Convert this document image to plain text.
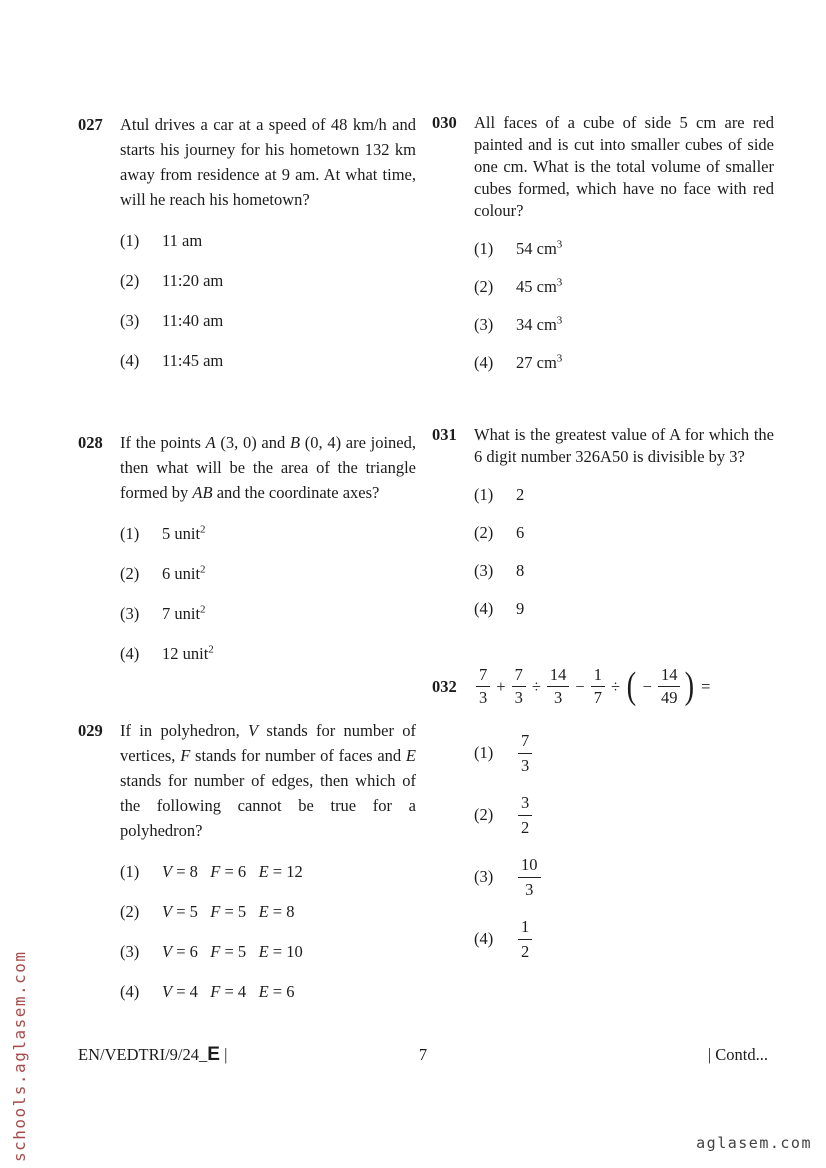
027	Atul drives a car at a speed of 48 km/h and starts his journey for his hometown 132 km away from residence at 9 am. At what time, will he reach his hometown?

(1)	11 am
(2)	11:20 am
(3)	11:40 am
(4)	11:45 am
028	If the points A (3, 0) and B (0, 4) are joined, then what will be the area of the triangle formed by AB and the coordinate axes?

(1)	5 unit$^2$
(2)	6 unit$^2$
(3)	7 unit$^2$
(4)	12 unit$^2$
029	If in polyhedron, V stands for number of vertices, F stands for number of faces and E stands for number of edges, then which of the following cannot be true for a polyhedron?

(1)	V = 8   F = 6   E = 12
(2)	V = 5   F = 5   E = 8
(3)	V = 6   F = 5   E = 10
(4)	V = 4   F = 4   E = 6
030	All faces of a cube of side 5 cm are red painted and is cut into smaller cubes of side one cm. What is the total volume of smaller cubes formed, which have no face with red colour?

(1)	54 $cm^3$
(2)	45 $cm^3$
(3)	34 $cm^3$
(4)	27 $cm^3$
031	What is the greatest value of A for which the 6 digit number 326A50 is divisible by 3?

(1)	2
(2)	6
(3)	8
(4)	9
032	$\frac{7}{3} + \frac{7}{3} \div \frac{14}{3} - \frac{1}{7}$ ÷ ( − $\frac{14}{49}$ ) =
(1)	$\frac{7}{3}$
(2)	$\frac{3}{2}$
(3)	$\frac{10}{3}$
(4)	$\frac{1}{2}$
EN/VEDTRI/9/24_E |	7	| Contd...
schools.aglasem.com	aglasem.com
